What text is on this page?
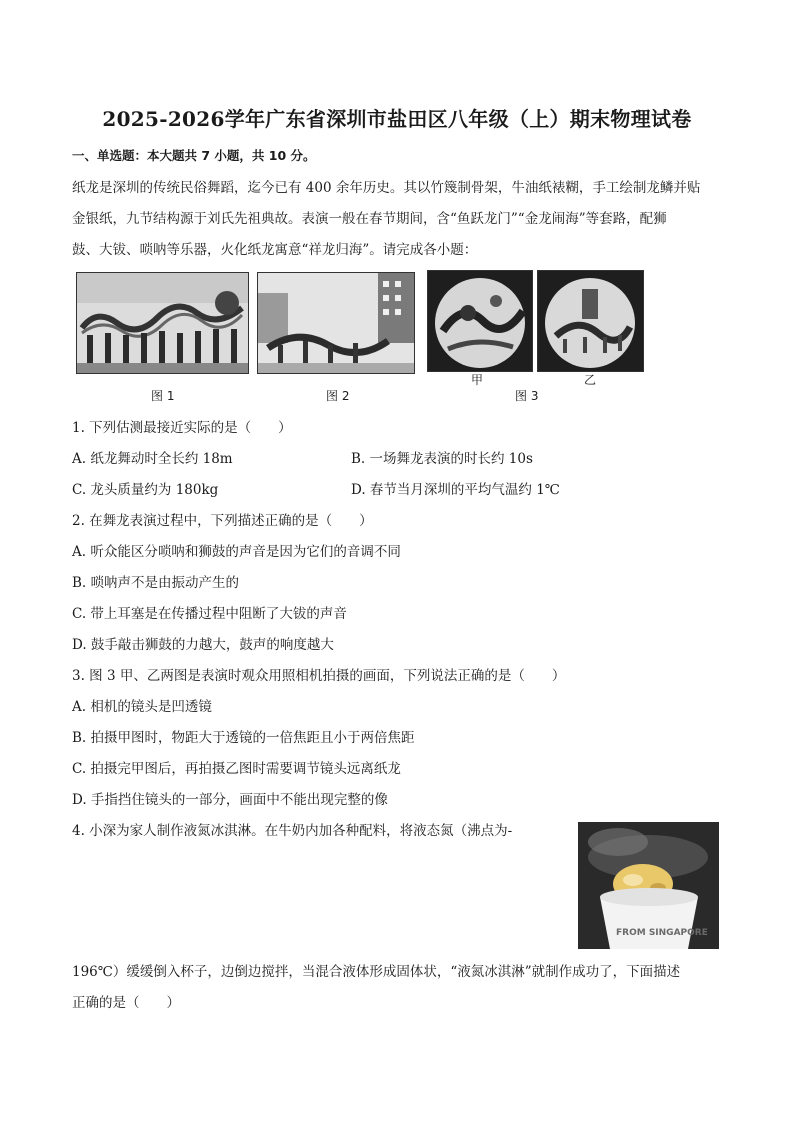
2025-2026学年广东省深圳市盐田区八年级（上）期末物理试卷
一、单选题：本大题共 7 小题，共 10 分。
纸龙是深圳的传统民俗舞蹈，迄今已有 400 余年历史。其以竹篾制骨架，牛油纸裱糊，手工绘制龙鳞并贴
金银纸，九节结构源于刘氏先祖典故。表演一般在春节期间，含“鱼跃龙门”“金龙闹海”等套路，配狮
鼓、大钹、唢呐等乐器，火化纸龙寓意“祥龙归海”。请完成各小题：
图 1	图 2
甲	乙
图 3
1. 下列估测最接近实际的是（　　）
A. 纸龙舞动时全长约 18m	B. 一场舞龙表演的时长约 10s
C. 龙头质量约为 180kg	D. 春节当月深圳的平均气温约 1℃
2. 在舞龙表演过程中，下列描述正确的是（　　）
A. 听众能区分唢呐和狮鼓的声音是因为它们的音调不同
B. 唢呐声不是由振动产生的
C. 带上耳塞是在传播过程中阻断了大钹的声音
D. 鼓手敲击狮鼓的力越大，鼓声的响度越大
3. 图 3 甲、乙两图是表演时观众用照相机拍摄的画面，下列说法正确的是（　　）
A. 相机的镜头是凹透镜
B. 拍摄甲图时，物距大于透镜的一倍焦距且小于两倍焦距
C. 拍摄完甲图后，再拍摄乙图时需要调节镜头远离纸龙
D. 手指挡住镜头的一部分，画面中不能出现完整的像
4. 小深为家人制作液氮冰淇淋。在牛奶内加各种配料，将液态氮（沸点为-
FROM SINGAPORE
196℃）缓缓倒入杯子，边倒边搅拌，当混合液体形成固体状，“液氮冰淇淋”就制作成功了，下面描述
正确的是（　　）
